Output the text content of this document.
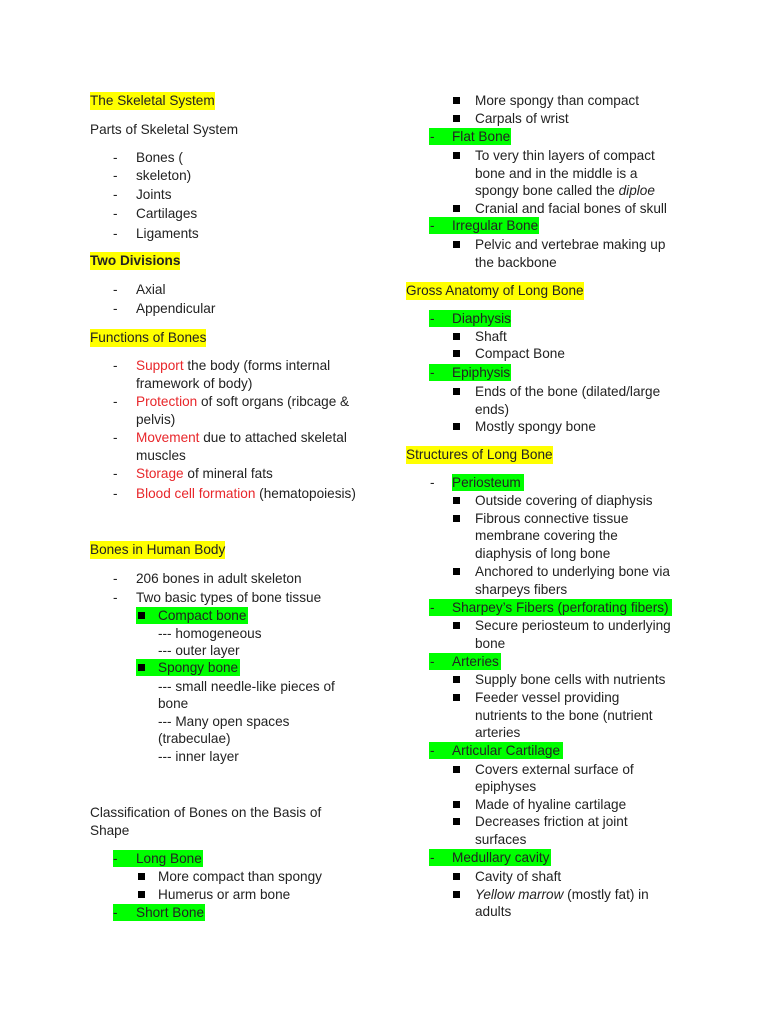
The Skeletal System
Parts of Skeletal System
- Bones (
- skeleton)
- Joints
- Cartilages
- Ligaments
Two Divisions
- Axial
- Appendicular
Functions of Bones
- Support the body (forms internal
framework of body)
- Protection of soft organs (ribcage &
pelvis)
- Movement due to attached skeletal
muscles
- Storage of mineral fats
- Blood cell formation (hematopoiesis)
Bones in Human Body
- 206 bones in adult skeleton
- Two basic types of bone tissue
Compact bone
--- homogeneous
--- outer layer
Spongy bone
--- small needle-like pieces of
bone
--- Many open spaces
(trabeculae)
--- inner layer
Classification of Bones on the Basis of
Shape
- Long Bone
More compact than spongy
Humerus or arm bone
- Short Bone
More spongy than compact
Carpals of wrist
- Flat Bone
To very thin layers of compact
bone and in the middle is a
spongy bone called the diploe
Cranial and facial bones of skull
- Irregular Bone
Pelvic and vertebrae making up
the backbone
Gross Anatomy of Long Bone
- Diaphysis
Shaft
Compact Bone
- Epiphysis
Ends of the bone (dilated/large
ends)
Mostly spongy bone
Structures of Long Bone
- Periosteum
Outside covering of diaphysis
Fibrous connective tissue
membrane covering the
diaphysis of long bone
Anchored to underlying bone via
sharpeys fibers
- Sharpey’s Fibers (perforating fibers)
Secure periosteum to underlying
bone
- Arteries
Supply bone cells with nutrients
Feeder vessel providing
nutrients to the bone (nutrient
arteries
- Articular Cartilage
Covers external surface of
epiphyses
Made of hyaline cartilage
Decreases friction at joint
surfaces
- Medullary cavity
Cavity of shaft
Yellow marrow (mostly fat) in
adults
